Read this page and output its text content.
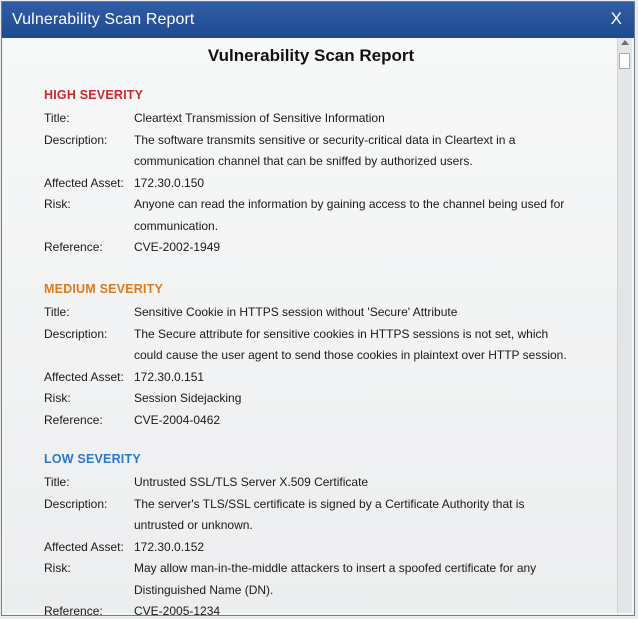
Vulnerability Scan Report	X
Vulnerability Scan Report
HIGH SEVERITY
Title:	Cleartext Transmission of Sensitive Information
Description:	The software transmits sensitive or security-critical data in Cleartext in a communication channel that can be sniffed by authorized users.
Affected Asset: 172.30.0.150
Risk:	Anyone can read the information by gaining access to the channel being used for communication.
Reference:	CVE-2002-1949
MEDIUM SEVERITY
Title:	Sensitive Cookie in HTTPS session without 'Secure' Attribute
Description:	The Secure attribute for sensitive cookies in HTTPS sessions is not set, which could cause the user agent to send those cookies in plaintext over HTTP session.
Affected Asset: 172.30.0.151
Risk:	Session Sidejacking
Reference:	CVE-2004-0462
LOW SEVERITY
Title:	Untrusted SSL/TLS Server X.509 Certificate
Description:	The server's TLS/SSL certificate is signed by a Certificate Authority that is untrusted or unknown.
Affected Asset: 172.30.0.152
Risk:	May allow man-in-the-middle attackers to insert a spoofed certificate for any Distinguished Name (DN).
Reference:	CVE-2005-1234
